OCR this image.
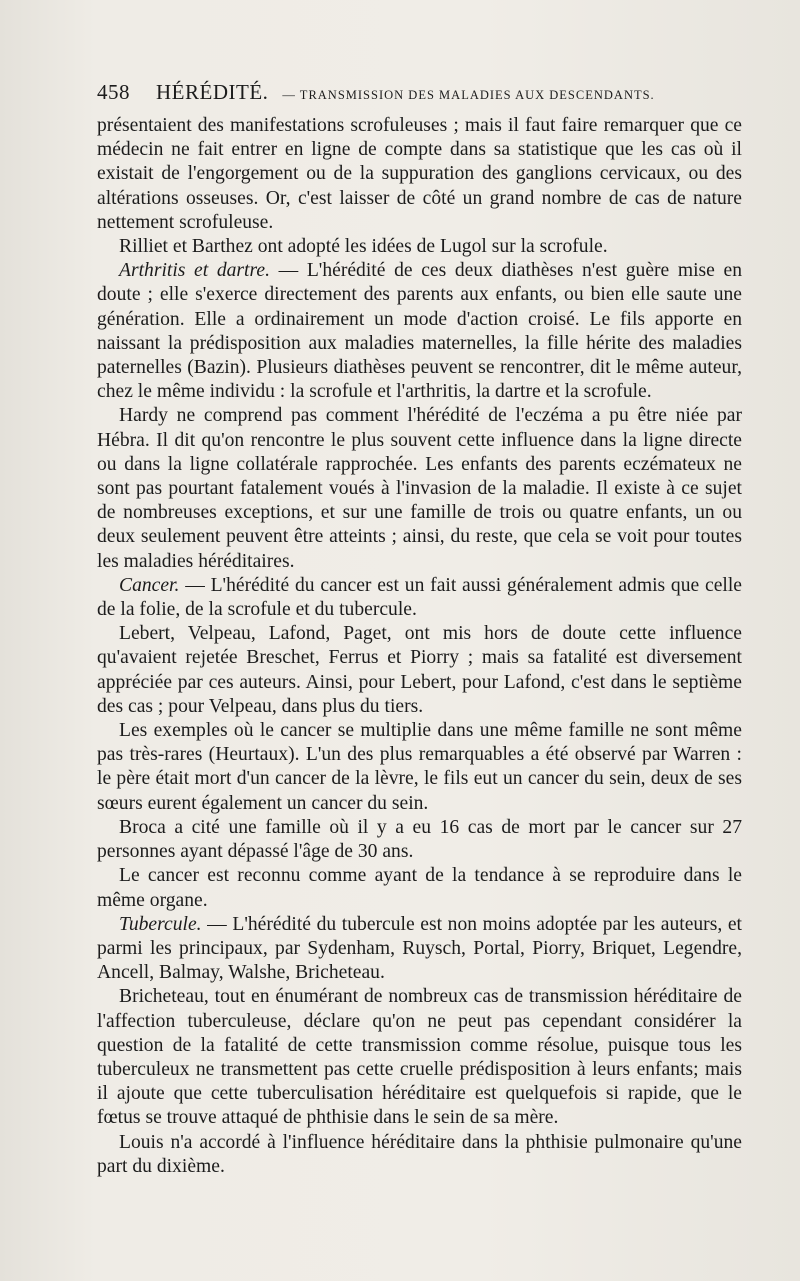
458 HÉRÉDITÉ. — TRANSMISSION DES MALADIES AUX DESCENDANTS.

présentaient des manifestations scrofuleuses ; mais il faut faire remarquer que ce médecin ne fait entrer en ligne de compte dans sa statistique que les cas où il existait de l'engorgement ou de la suppuration des ganglions cervicaux, ou des altérations osseuses. Or, c'est laisser de côté un grand nombre de cas de nature nettement scrofuleuse.

Rilliet et Barthez ont adopté les idées de Lugol sur la scrofule.

Arthritis et dartre. — L'hérédité de ces deux diathèses n'est guère mise en doute ; elle s'exerce directement des parents aux enfants, ou bien elle saute une génération. Elle a ordinairement un mode d'action croisé. Le fils apporte en naissant la prédisposition aux maladies maternelles, la fille hérite des maladies paternelles (Bazin). Plusieurs diathèses peuvent se rencontrer, dit le même auteur, chez le même individu : la scrofule et l'arthritis, la dartre et la scrofule.

Hardy ne comprend pas comment l'hérédité de l'eczéma a pu être niée par Hébra. Il dit qu'on rencontre le plus souvent cette influence dans la ligne directe ou dans la ligne collatérale rapprochée. Les enfants des parents eczémateux ne sont pas pourtant fatalement voués à l'invasion de la maladie. Il existe à ce sujet de nombreuses exceptions, et sur une famille de trois ou quatre enfants, un ou deux seulement peuvent être atteints ; ainsi, du reste, que cela se voit pour toutes les maladies héréditaires.

Cancer. — L'hérédité du cancer est un fait aussi généralement admis que celle de la folie, de la scrofule et du tubercule.

Lebert, Velpeau, Lafond, Paget, ont mis hors de doute cette influence qu'avaient rejetée Breschet, Ferrus et Piorry ; mais sa fatalité est diversement appréciée par ces auteurs. Ainsi, pour Lebert, pour Lafond, c'est dans le septième des cas ; pour Velpeau, dans plus du tiers.

Les exemples où le cancer se multiplie dans une même famille ne sont même pas très-rares (Heurtaux). L'un des plus remarquables a été observé par Warren : le père était mort d'un cancer de la lèvre, le fils eut un cancer du sein, deux de ses sœurs eurent également un cancer du sein.

Broca a cité une famille où il y a eu 16 cas de mort par le cancer sur 27 personnes ayant dépassé l'âge de 30 ans.

Le cancer est reconnu comme ayant de la tendance à se reproduire dans le même organe.

Tubercule. — L'hérédité du tubercule est non moins adoptée par les auteurs, et parmi les principaux, par Sydenham, Ruysch, Portal, Piorry, Briquet, Legendre, Ancell, Balmay, Walshe, Bricheteau.

Bricheteau, tout en énumérant de nombreux cas de transmission héréditaire de l'affection tuberculeuse, déclare qu'on ne peut pas cependant considérer la question de la fatalité de cette transmission comme résolue, puisque tous les tuberculeux ne transmettent pas cette cruelle prédisposition à leurs enfants; mais il ajoute que cette tuberculisation héréditaire est quelquefois si rapide, que le fœtus se trouve attaqué de phthisie dans le sein de sa mère.

Louis n'a accordé à l'influence héréditaire dans la phthisie pulmonaire qu'une part du dixième.
